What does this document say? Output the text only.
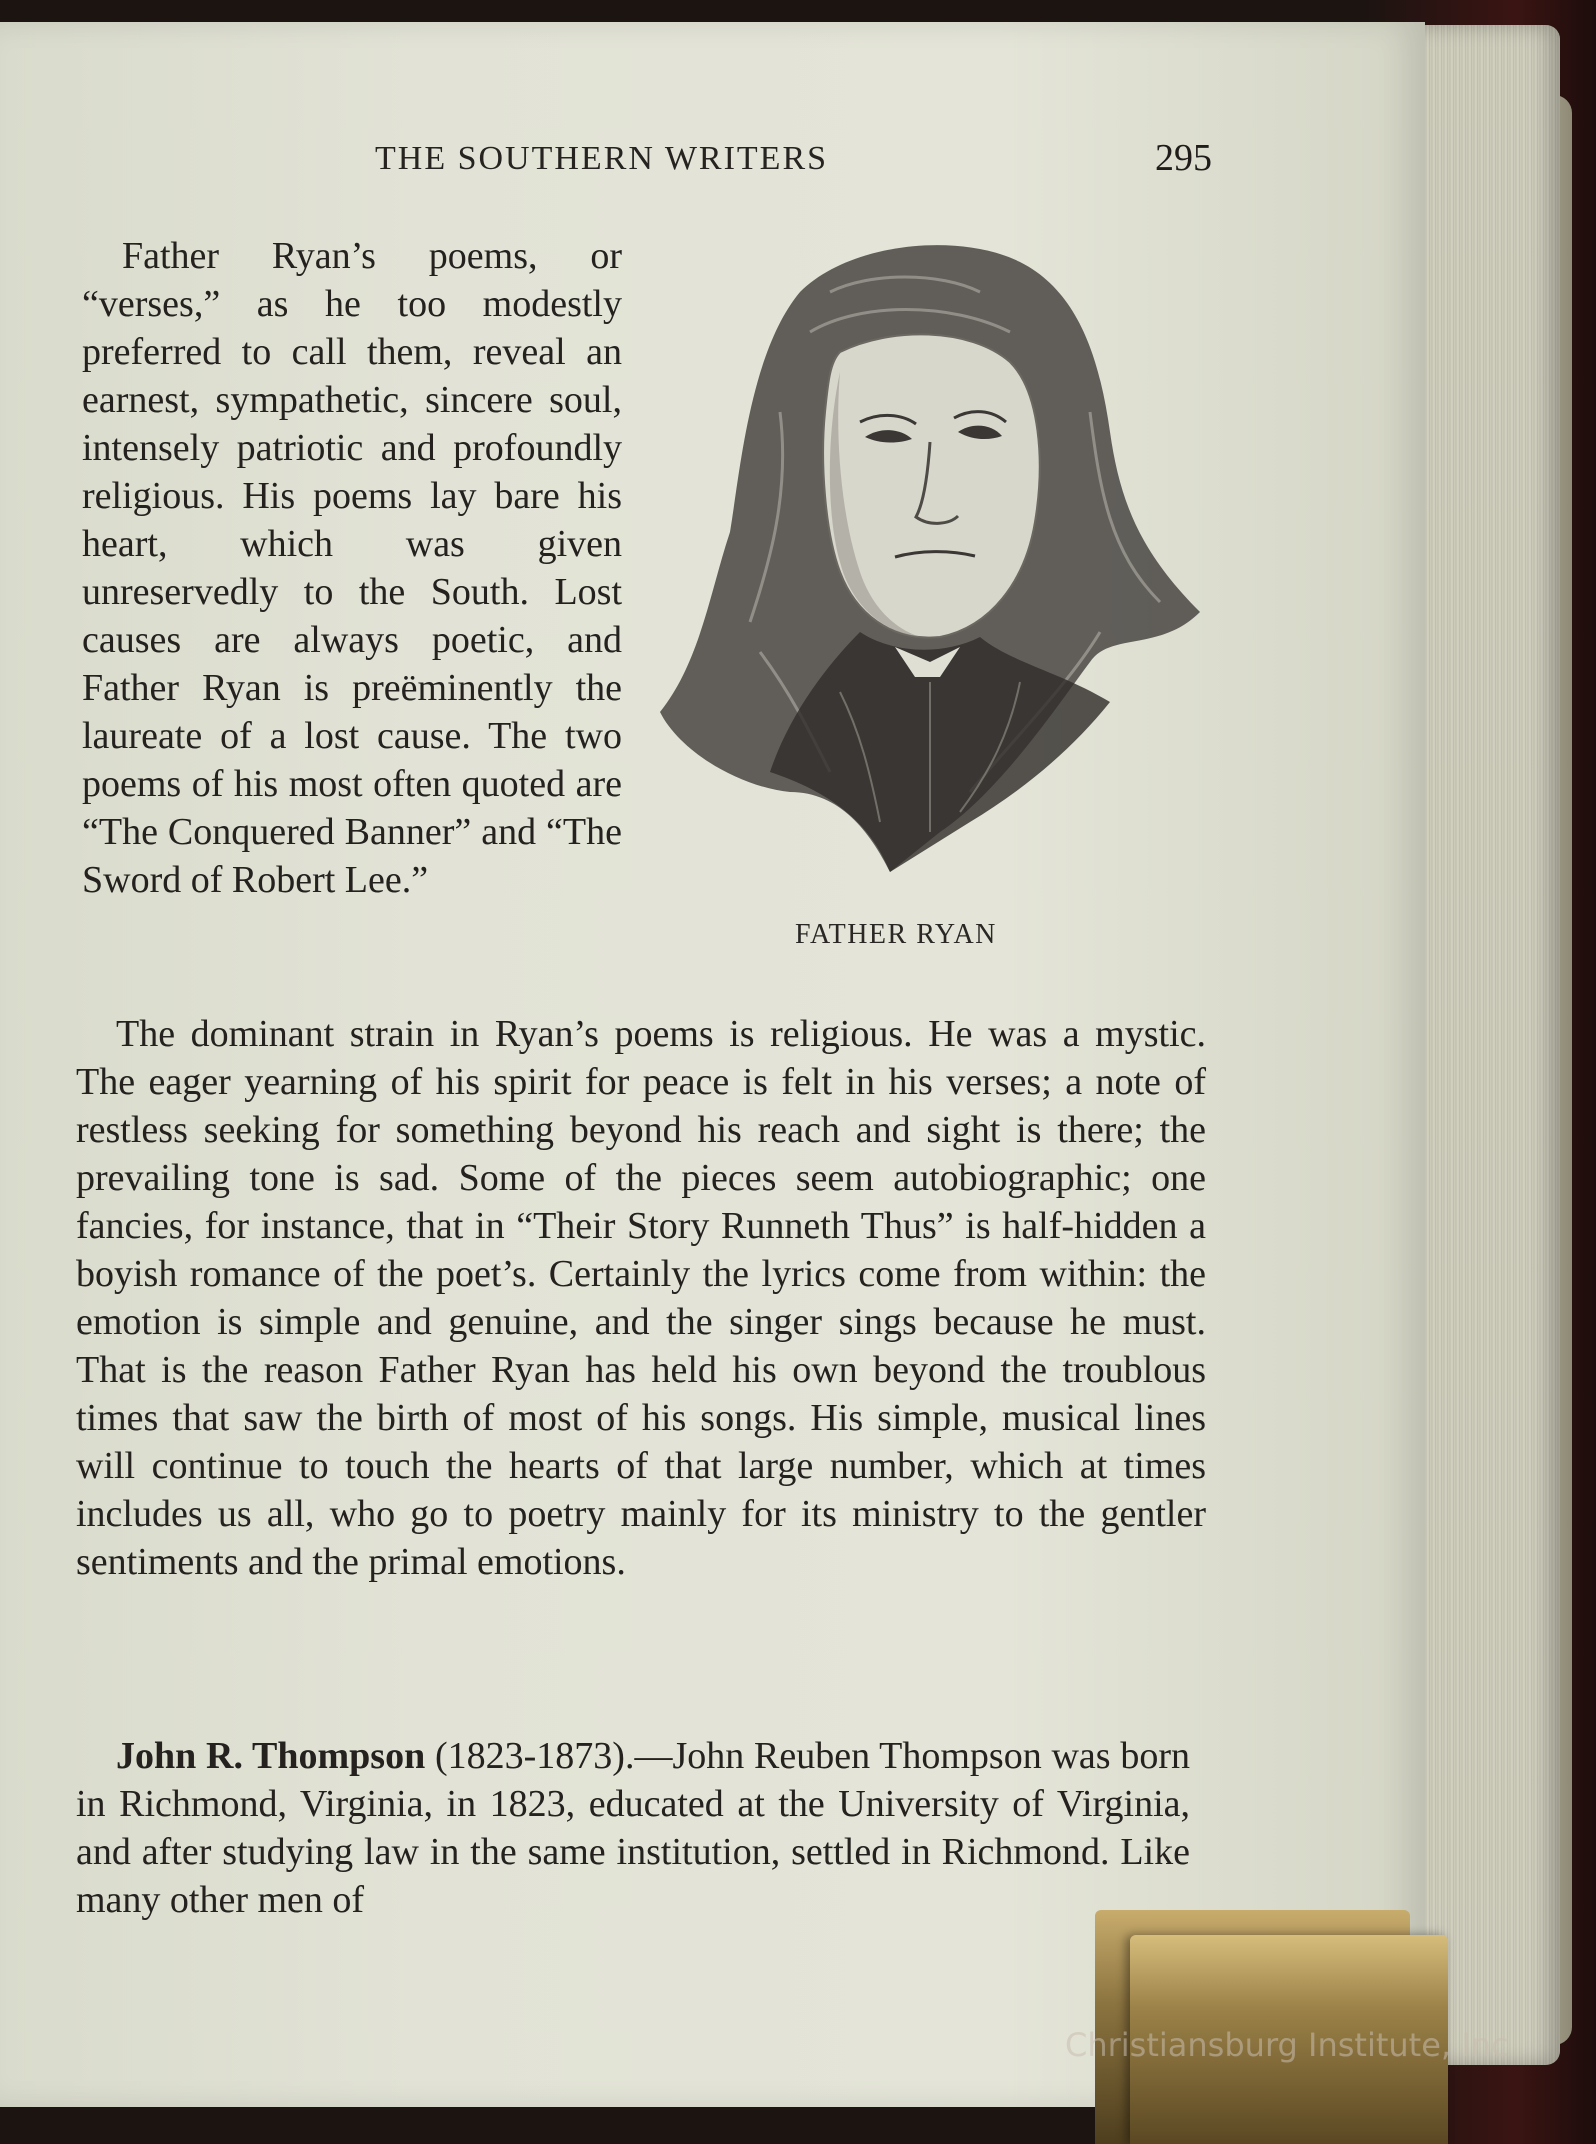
THE SOUTHERN WRITERS	295

Father Ryan’s poems, or “verses,” as he too modestly preferred to call them, reveal an earnest, sympathetic, sincere soul, intensely patriotic and profoundly religious. His poems lay bare his heart, which was given unreservedly to the South. Lost causes are always poetic, and Father Ryan is preëminently the laureate of a lost cause. The two poems of his most often quoted are “The Conquered Banner” and “The Sword of Robert Lee.”

FATHER RYAN

The dominant strain in Ryan’s poems is religious. He was a mystic. The eager yearning of his spirit for peace is felt in his verses; a note of restless seeking for something beyond his reach and sight is there; the prevailing tone is sad. Some of the pieces seem autobiographic; one fancies, for instance, that in “Their Story Runneth Thus” is half-hidden a boyish romance of the poet’s. Certainly the lyrics come from within: the emotion is simple and genuine, and the singer sings because he must. That is the reason Father Ryan has held his own beyond the troublous times that saw the birth of most of his songs. His simple, musical lines will continue to touch the hearts of that large number, which at times includes us all, who go to poetry mainly for its ministry to the gentler sentiments and the primal emotions.

John R. Thompson (1823-1873).—John Reuben Thompson was born in Richmond, Virginia, in 1823, educated at the University of Virginia, and after studying law in the same institution, settled in Richmond. Like many other men of

Christiansburg Institute, Inc
